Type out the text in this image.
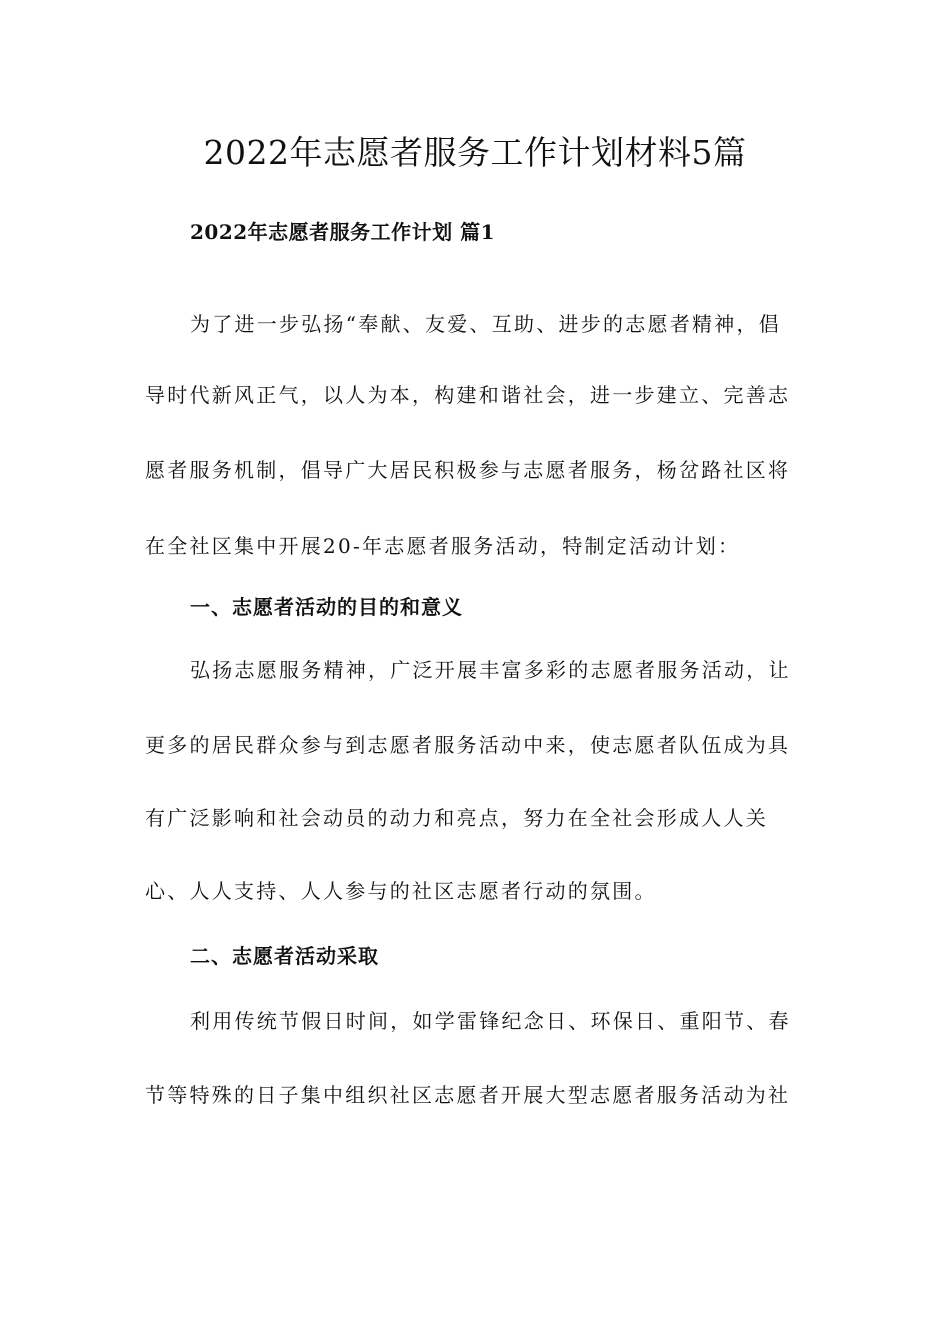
2022年志愿者服务工作计划材料5篇

2022年志愿者服务工作计划 篇1

为了进一步弘扬“奉献、友爱、互助、进步的志愿者精神，倡

导时代新风正气，以人为本，构建和谐社会，进一步建立、完善志

愿者服务机制，倡导广大居民积极参与志愿者服务，杨岔路社区将

在全社区集中开展20-年志愿者服务活动，特制定活动计划：

一、志愿者活动的目的和意义

弘扬志愿服务精神，广泛开展丰富多彩的志愿者服务活动，让

更多的居民群众参与到志愿者服务活动中来，使志愿者队伍成为具

有广泛影响和社会动员的动力和亮点，努力在全社会形成人人关

心、人人支持、人人参与的社区志愿者行动的氛围。

二、志愿者活动采取

利用传统节假日时间，如学雷锋纪念日、环保日、重阳节、春

节等特殊的日子集中组织社区志愿者开展大型志愿者服务活动为社
